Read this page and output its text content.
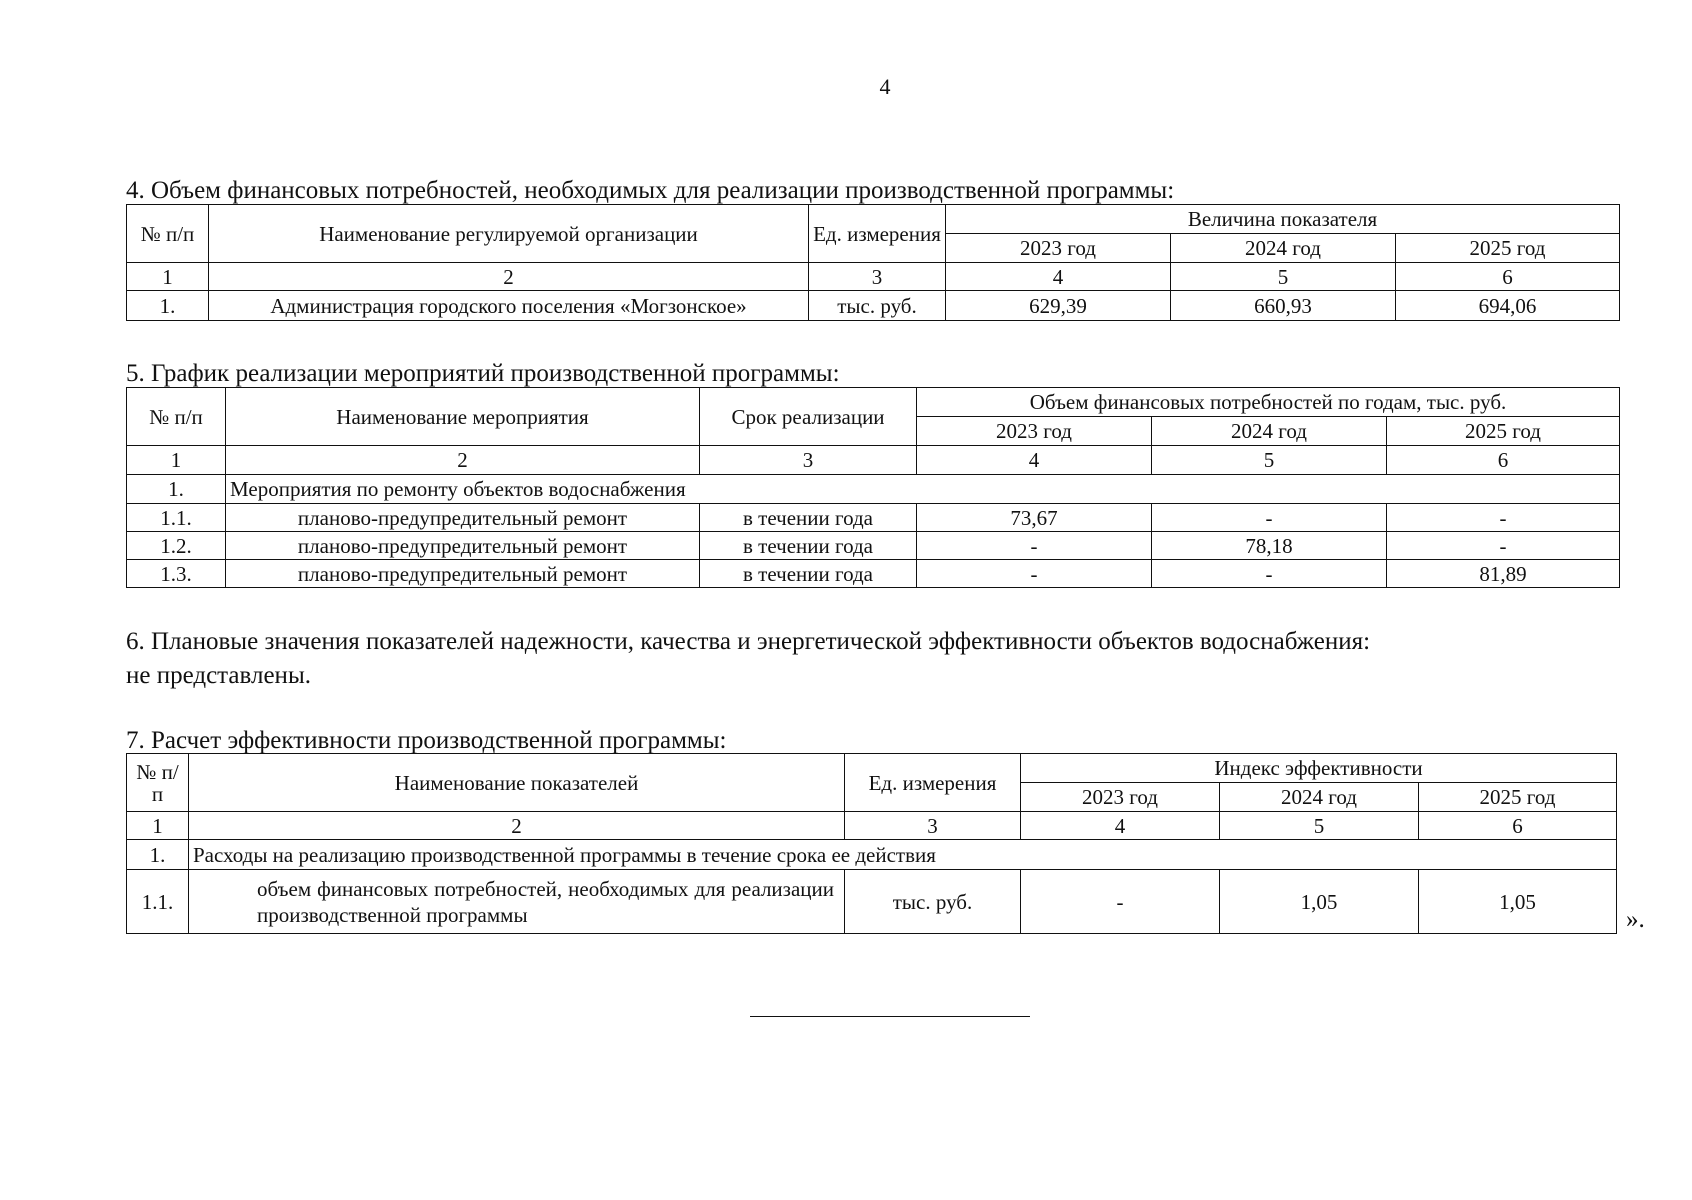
4
4. Объем финансовых потребностей, необходимых для реализации производственной программы:
№ п/п	Наименование регулируемой организации	Ед. измерения	Величина показателя		
			2023 год	2024 год	2025 год
1	2	3	4	5	6
1.	Администрация городского поселения «Могзонское»	тыс. руб.	629,39	660,93	694,06
5. График реализации мероприятий производственной программы:
№ п/п	Наименование мероприятия	Срок реализации	Объем финансовых потребностей по годам, тыс. руб.		
			2023 год	2024 год	2025 год
1	2	3	4	5	6
1.	Мероприятия по ремонту объектов водоснабжения				
1.1.	планово-предупредительный ремонт	в течении года	73,67	-	-
1.2.	планово-предупредительный ремонт	в течении года	-	78,18	-
1.3.	планово-предупредительный ремонт	в течении года	-	-	81,89
6. Плановые значения показателей надежности, качества и энергетической эффективности объектов водоснабжения:
не представлены.
7. Расчет эффективности производственной программы:
№ п/п	Наименование показателей	Ед. измерения	Индекс эффективности		
			2023 год	2024 год	2025 год
1	2	3	4	5	6
1.	Расходы на реализацию производственной программы в течение срока ее действия				
1.1.	объем финансовых потребностей, необходимых для реализации производственной программы	тыс. руб.	-	1,05	1,05
».
